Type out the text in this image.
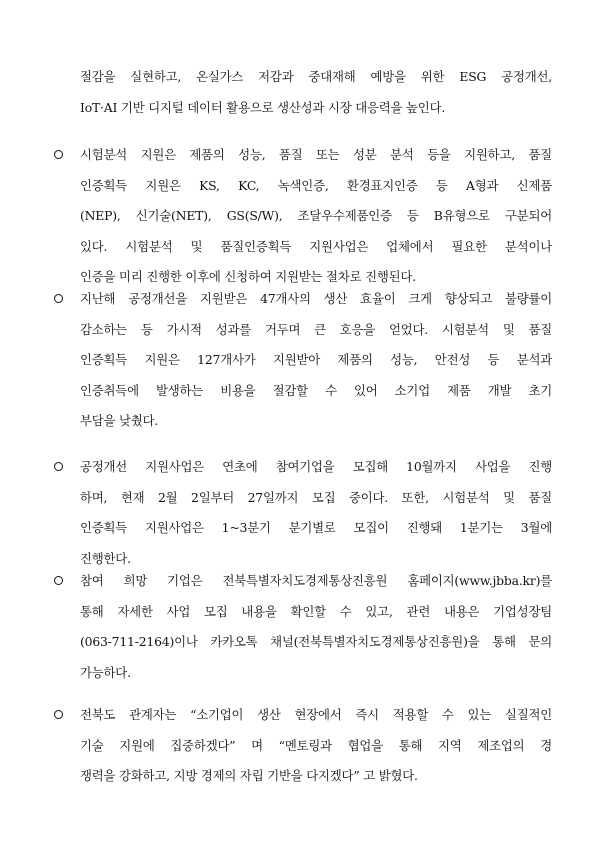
절감을 실현하고, 온실가스 저감과 중대재해 예방을 위한 ESG 공정개선,
IoT·AI 기반 디지털 데이터 활용으로 생산성과 시장 대응력을 높인다.
시험분석 지원은 제품의 성능, 품질 또는 성분 분석 등을 지원하고, 품질
인증획득 지원은 KS, KC, 녹색인증, 환경표지인증 등 A형과 신제품
(NEP), 신기술(NET), GS(S/W), 조달우수제품인증 등 B유형으로 구분되어
있다. 시험분석 및 품질인증획득 지원사업은 업체에서 필요한 분석이나
인증을 미리 진행한 이후에 신청하여 지원받는 절차로 진행된다.
지난해 공정개선을 지원받은 47개사의 생산 효율이 크게 향상되고 불량률이
감소하는 등 가시적 성과를 거두며 큰 호응을 얻었다. 시험분석 및 품질
인증획득 지원은 127개사가 지원받아 제품의 성능, 안전성 등 분석과
인증취득에 발생하는 비용을 절감할 수 있어 소기업 제품 개발 초기
부담을 낮췄다.
공정개선 지원사업은 연초에 참여기업을 모집해 10월까지 사업을 진행
하며, 현재 2월 2일부터 27일까지 모집 중이다. 또한, 시험분석 및 품질
인증획득 지원사업은 1~3분기 분기별로 모집이 진행돼 1분기는 3월에
진행한다.
참여 희망 기업은 전북특별자치도경제통상진흥원 홈페이지(www.jbba.kr)를
통해 자세한 사업 모집 내용을 확인할 수 있고, 관련 내용은 기업성장팀
(063-711-2164)이나 카카오톡 채널(전북특별자치도경제통상진흥원)을 통해 문의
가능하다.
전북도 관계자는 “소기업이 생산 현장에서 즉시 적용할 수 있는 실질적인
기술 지원에 집중하겠다” 며 “멘토링과 협업을 통해 지역 제조업의 경
쟁력을 강화하고, 지방 경제의 자립 기반을 다지겠다” 고 밝혔다.
